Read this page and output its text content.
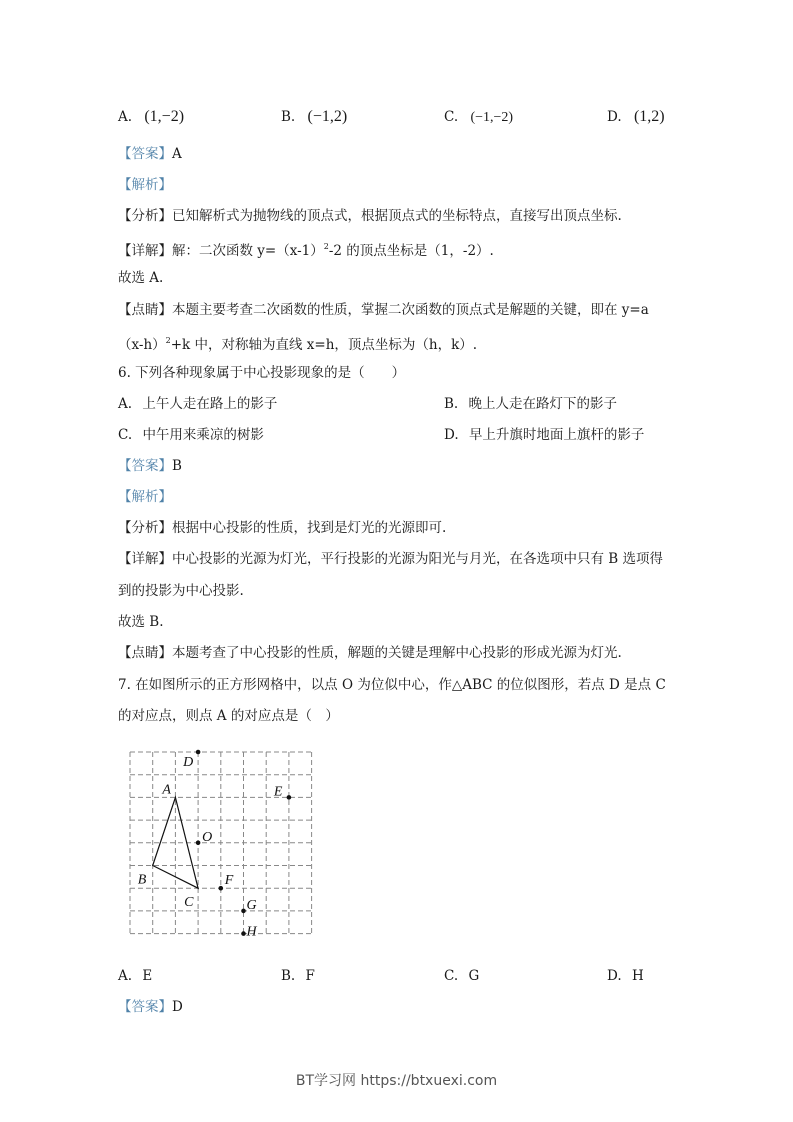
A. (1,−2)	B. (−1,2)	C. (−1,−2)	D. (1,2)
【答案】A
【解析】
【分析】已知解析式为抛物线的顶点式，根据顶点式的坐标特点，直接写出顶点坐标.
【详解】解：二次函数 $y=(x-1)^2-2$ 的顶点坐标是（1，-2）.
故选 A.
【点睛】本题主要考查二次函数的性质，掌握二次函数的顶点式是解题的关键，即在 y=a
$(x-h)^2+k$ 中，对称轴为直线 x=h，顶点坐标为（h，k）.
6. 下列各种现象属于中心投影现象的是（　　）
A. 上午人走在路上的影子	B. 晚上人走在路灯下的影子
C. 中午用来乘凉的树影	D. 早上升旗时地面上旗杆的影子
【答案】B
【解析】
【分析】根据中心投影的性质，找到是灯光的光源即可.
【详解】中心投影的光源为灯光，平行投影的光源为阳光与月光，在各选项中只有 B 选项得
到的投影为中心投影.
故选 B.
【点睛】本题考查了中心投影的性质，解题的关键是理解中心投影的形成光源为灯光.
7. 在如图所示的正方形网格中，以点 O 为位似中心，作△ABC 的位似图形，若点 D 是点 C
的对应点，则点 A 的对应点是（　）
D
A	E
O
B
C
F
G
H
A. E	B. F	C. G	D. H
【答案】D
BT学习网 https://btxuexi.com
